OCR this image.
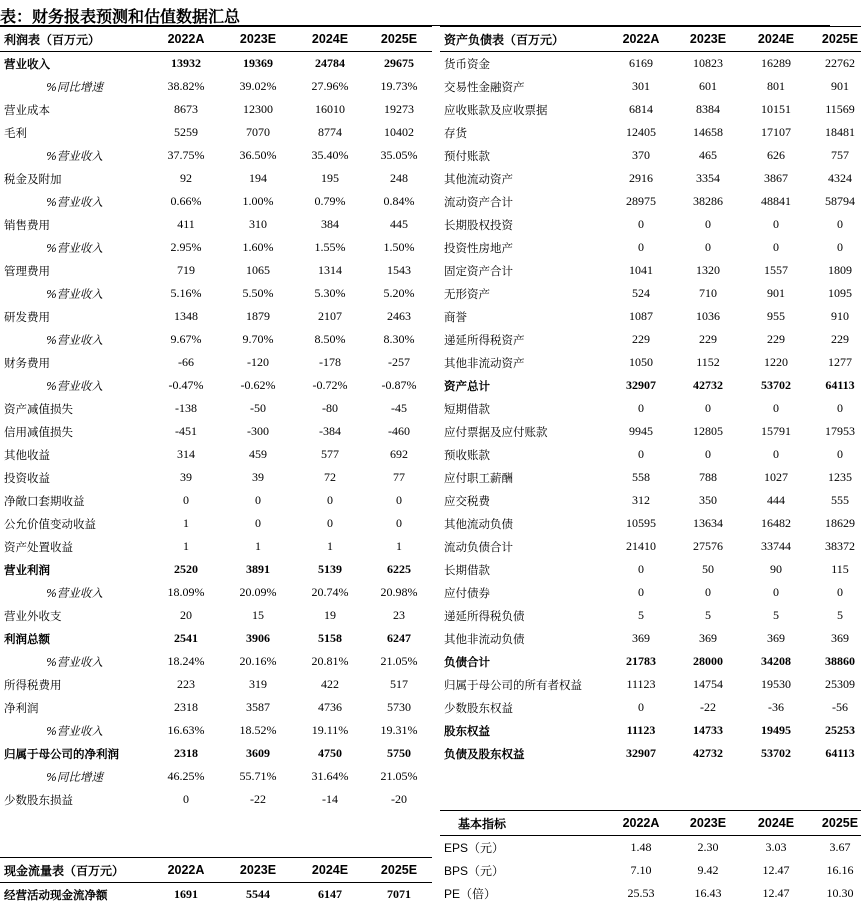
表：财务报表预测和估值数据汇总
利润表（百万元）	2022A	2023E	2024E	2025E
营业收入	13932	19369	24784	29675
%同比增速	38.82%	39.02%	27.96%	19.73%
营业成本	8673	12300	16010	19273
毛利	5259	7070	8774	10402
%营业收入	37.75%	36.50%	35.40%	35.05%
税金及附加	92	194	195	248
%营业收入	0.66%	1.00%	0.79%	0.84%
销售费用	411	310	384	445
%营业收入	2.95%	1.60%	1.55%	1.50%
管理费用	719	1065	1314	1543
%营业收入	5.16%	5.50%	5.30%	5.20%
研发费用	1348	1879	2107	2463
%营业收入	9.67%	9.70%	8.50%	8.30%
财务费用	-66	-120	-178	-257
%营业收入	-0.47%	-0.62%	-0.72%	-0.87%
资产减值损失	-138	-50	-80	-45
信用减值损失	-451	-300	-384	-460
其他收益	314	459	577	692
投资收益	39	39	72	77
净敞口套期收益	0	0	0	0
公允价值变动收益	1	0	0	0
资产处置收益	1	1	1	1
营业利润	2520	3891	5139	6225
%营业收入	18.09%	20.09%	20.74%	20.98%
营业外收支	20	15	19	23
利润总额	2541	3906	5158	6247
%营业收入	18.24%	20.16%	20.81%	21.05%
所得税费用	223	319	422	517
净利润	2318	3587	4736	5730
%营业收入	16.63%	18.52%	19.11%	19.31%
归属于母公司的净利润	2318	3609	4750	5750
%同比增速	46.25%	55.71%	31.64%	21.05%
少数股东损益	0	-22	-14	-20
资产负债表（百万元）	2022A	2023E	2024E	2025E
货币资金	6169	10823	16289	22762
交易性金融资产	301	601	801	901
应收账款及应收票据	6814	8384	10151	11569
存货	12405	14658	17107	18481
预付账款	370	465	626	757
其他流动资产	2916	3354	3867	4324
流动资产合计	28975	38286	48841	58794
长期股权投资	0	0	0	0
投资性房地产	0	0	0	0
固定资产合计	1041	1320	1557	1809
无形资产	524	710	901	1095
商誉	1087	1036	955	910
递延所得税资产	229	229	229	229
其他非流动资产	1050	1152	1220	1277
资产总计	32907	42732	53702	64113
短期借款	0	0	0	0
应付票据及应付账款	9945	12805	15791	17953
预收账款	0	0	0	0
应付职工薪酬	558	788	1027	1235
应交税费	312	350	444	555
其他流动负债	10595	13634	16482	18629
流动负债合计	21410	27576	33744	38372
长期借款	0	50	90	115
应付债券	0	0	0	0
递延所得税负债	5	5	5	5
其他非流动负债	369	369	369	369
负债合计	21783	28000	34208	38860
归属于母公司的所有者权益	11123	14754	19530	25309
少数股东权益	0	-22	-36	-56
股东权益	11123	14733	19495	25253
负债及股东权益	32907	42732	53702	64113
基本指标	2022A	2023E	2024E	2025E
EPS（元）	1.48	2.30	3.03	3.67
BPS（元）	7.10	9.42	12.47	16.16
PE（倍）	25.53	16.43	12.47	10.30
现金流量表（百万元）	2022A	2023E	2024E	2025E
经营活动现金流净额	1691	5544	6147	7071
